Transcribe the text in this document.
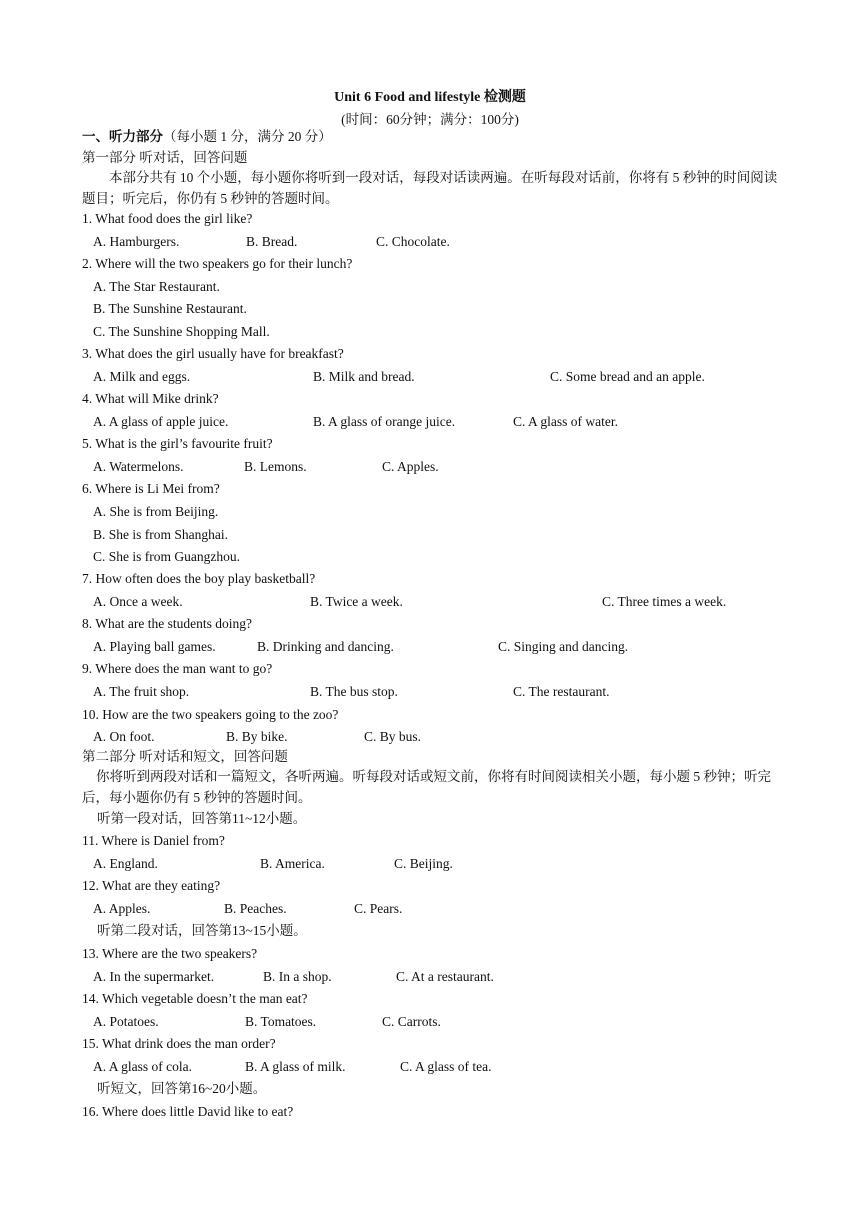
Unit 6 Food and lifestyle 检测题
(时间：60分钟；满分：100分)
一、听力部分（每小题 1 分，满分 20 分）
第一部分 听对话，回答问题
本部分共有 10 个小题，每小题你将听到一段对话，每段对话读两遍。在听每段对话前，你将有 5 秒钟的时间阅读题目；听完后，你仍有 5 秒钟的答题时间。
1. What food does the girl like?
A. Hamburgers.	B. Bread.	C. Chocolate.
2. Where will the two speakers go for their lunch?
A. The Star Restaurant.
B. The Sunshine Restaurant.
C. The Sunshine Shopping Mall.
3. What does the girl usually have for breakfast?
A. Milk and eggs.	B. Milk and bread.	C. Some bread and an apple.
4. What will Mike drink?
A. A glass of apple juice.	B. A glass of orange juice.	C. A glass of water.
5. What is the girl’s favourite fruit?
A. Watermelons.	B. Lemons.	C. Apples.
6. Where is Li Mei from?
A. She is from Beijing.
B. She is from Shanghai.
C. She is from Guangzhou.
7. How often does the boy play basketball?
A. Once a week.	B. Twice a week.	C. Three times a week.
8. What are the students doing?
A. Playing ball games.	B. Drinking and dancing.	C. Singing and dancing.
9. Where does the man want to go?
A. The fruit shop.	B. The bus stop.	C. The restaurant.
10. How are the two speakers going to the zoo?
A. On foot.	B. By bike.	C. By bus.
第二部分 听对话和短文，回答问题
你将听到两段对话和一篇短文，各听两遍。听每段对话或短文前，你将有时间阅读相关小题，每小题 5 秒钟；听完后，每小题你仍有 5 秒钟的答题时间。
听第一段对话，回答第11~12小题。
11. Where is Daniel from?
A. England.	B. America.	C. Beijing.
12. What are they eating?
A. Apples.	B. Peaches.	C. Pears.
听第二段对话，回答第13~15小题。
13. Where are the two speakers?
A. In the supermarket.	B. In a shop.	C. At a restaurant.
14. Which vegetable doesn’t the man eat?
A. Potatoes.	B. Tomatoes.	C. Carrots.
15. What drink does the man order?
A. A glass of cola.	B. A glass of milk.	C. A glass of tea.
听短文，回答第16~20小题。
16. Where does little David like to eat?
